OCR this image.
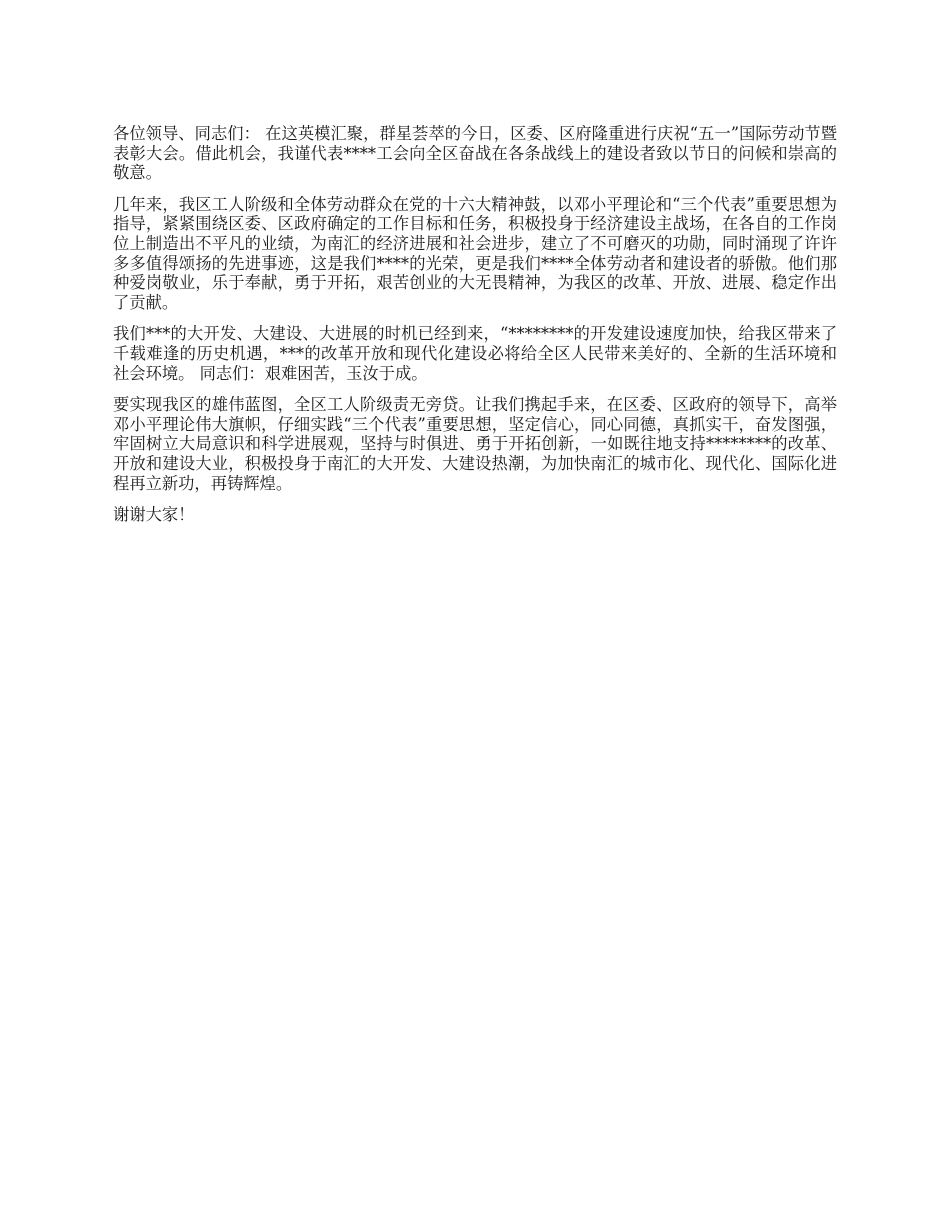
各位领导、同志们： 在这英模汇聚，群星荟萃的今日，区委、区府隆重进行庆祝“五一”国际劳动节暨表彰大会。借此机会，我谨代表****工会向全区奋战在各条战线上的建设者致以节日的问候和崇高的敬意。

几年来，我区工人阶级和全体劳动群众在党的十六大精神鼓，以邓小平理论和“三个代表”重要思想为指导，紧紧围绕区委、区政府确定的工作目标和任务，积极投身于经济建设主战场，在各自的工作岗位上制造出不平凡的业绩，为南汇的经济进展和社会进步，建立了不可磨灭的功勋，同时涌现了许许多多值得颂扬的先进事迹，这是我们****的光荣，更是我们****全体劳动者和建设者的骄傲。他们那种爱岗敬业，乐于奉献，勇于开拓，艰苦创业的大无畏精神，为我区的改革、开放、进展、稳定作出了贡献。

我们***的大开发、大建设、大进展的时机已经到来，“********的开发建设速度加快，给我区带来了千载难逢的历史机遇，***的改革开放和现代化建设必将给全区人民带来美好的、全新的生活环境和社会环境。 同志们：艰难困苦，玉汝于成。

要实现我区的雄伟蓝图，全区工人阶级责无旁贷。让我们携起手来，在区委、区政府的领导下，高举邓小平理论伟大旗帜，仔细实践“三个代表”重要思想，坚定信心，同心同德，真抓实干，奋发图强，牢固树立大局意识和科学进展观，坚持与时俱进、勇于开拓创新，一如既往地支持********的改革、开放和建设大业，积极投身于南汇的大开发、大建设热潮，为加快南汇的城市化、现代化、国际化进程再立新功，再铸辉煌。

谢谢大家！
